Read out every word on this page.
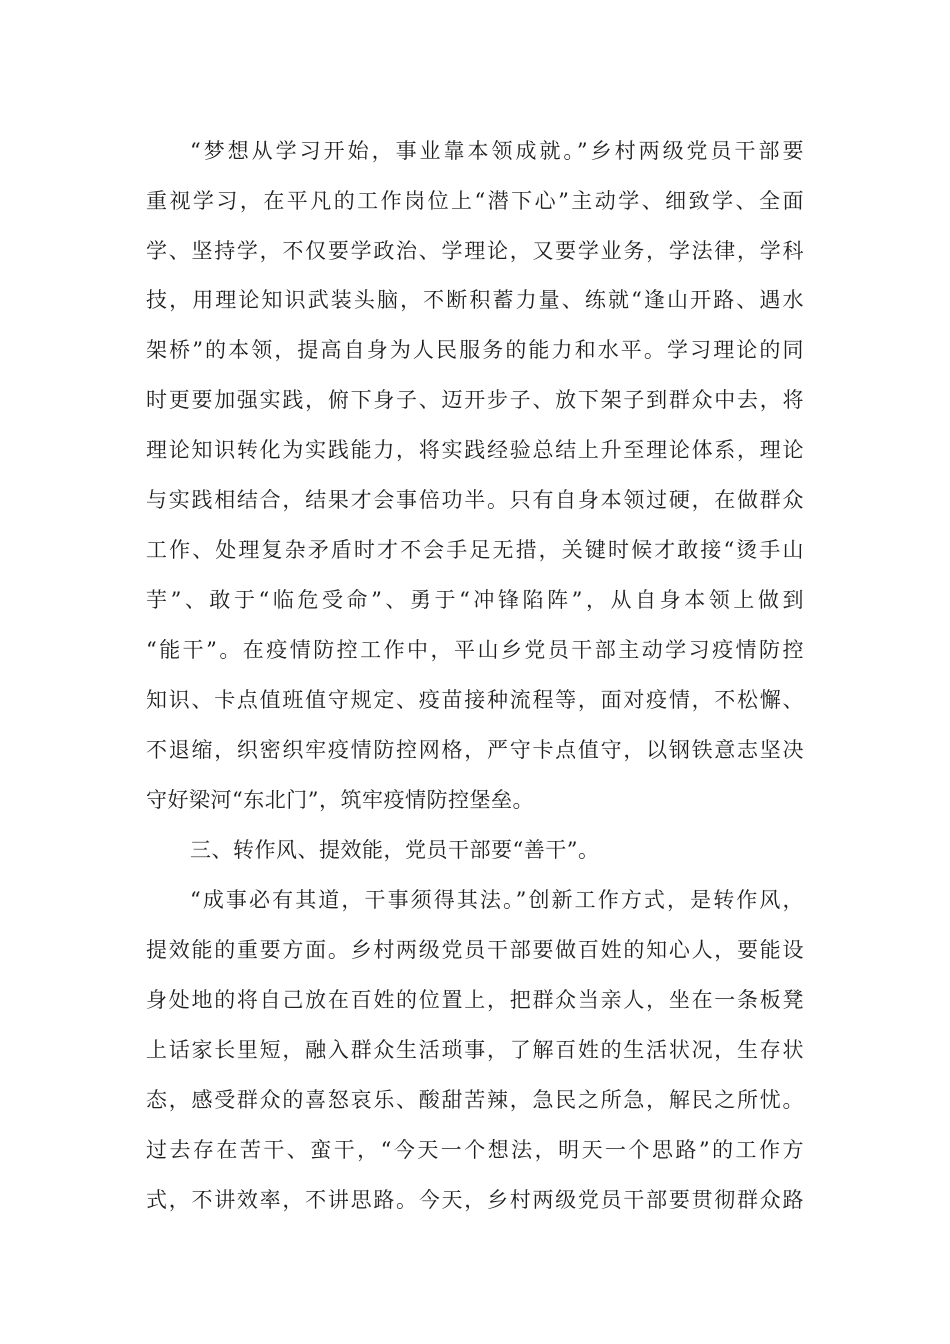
“梦想从学习开始，事业靠本领成就。”乡村两级党员干部要
重视学习，在平凡的工作岗位上“潜下心”主动学、细致学、全面
学、坚持学，不仅要学政治、学理论，又要学业务，学法律，学科
技，用理论知识武装头脑，不断积蓄力量、练就“逢山开路、遇水
架桥”的本领，提高自身为人民服务的能力和水平。学习理论的同
时更要加强实践，俯下身子、迈开步子、放下架子到群众中去，将
理论知识转化为实践能力，将实践经验总结上升至理论体系，理论
与实践相结合，结果才会事倍功半。只有自身本领过硬，在做群众
工作、处理复杂矛盾时才不会手足无措，关键时候才敢接“烫手山
芋”、敢于“临危受命”、勇于“冲锋陷阵”，从自身本领上做到
“能干”。在疫情防控工作中，平山乡党员干部主动学习疫情防控
知识、卡点值班值守规定、疫苗接种流程等，面对疫情，不松懈、
不退缩，织密织牢疫情防控网格，严守卡点值守，以钢铁意志坚决
守好梁河“东北门”，筑牢疫情防控堡垒。
三、转作风、提效能，党员干部要“善干”。
“成事必有其道，干事须得其法。”创新工作方式，是转作风，
提效能的重要方面。乡村两级党员干部要做百姓的知心人，要能设
身处地的将自己放在百姓的位置上，把群众当亲人，坐在一条板凳
上话家长里短，融入群众生活琐事，了解百姓的生活状况，生存状
态，感受群众的喜怒哀乐、酸甜苦辣，急民之所急，解民之所忧。
过去存在苦干、蛮干，“今天一个想法，明天一个思路”的工作方
式，不讲效率，不讲思路。今天，乡村两级党员干部要贯彻群众路
